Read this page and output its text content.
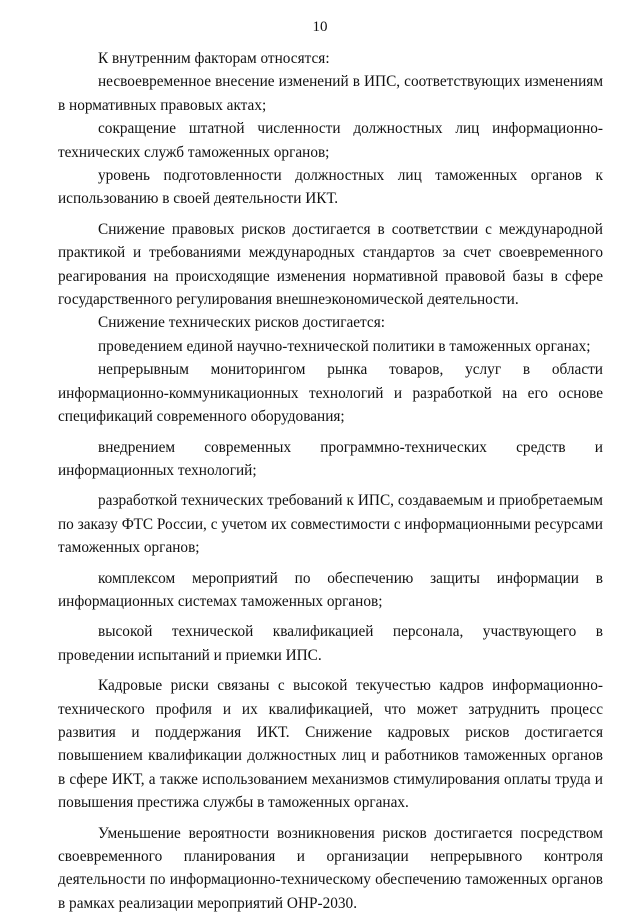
10

К внутренним факторам относятся:

несвоевременное внесение изменений в ИПС, соответствующих изменениям в нормативных правовых актах;

сокращение штатной численности должностных лиц информационно-технических служб таможенных органов;

уровень подготовленности должностных лиц таможенных органов к использованию в своей деятельности ИКТ.

Снижение правовых рисков достигается в соответствии с международной практикой и требованиями международных стандартов за счет своевременного реагирования на происходящие изменения нормативной правовой базы в сфере государственного регулирования внешнеэкономической деятельности.

Снижение технических рисков достигается:

проведением единой научно-технической политики в таможенных органах;

непрерывным мониторингом рынка товаров, услуг в области информационно-коммуникационных технологий и разработкой на его основе спецификаций современного оборудования;

внедрением современных программно-технических средств и информационных технологий;

разработкой технических требований к ИПС, создаваемым и приобретаемым по заказу ФТС России, с учетом их совместимости с информационными ресурсами таможенных органов;

комплексом мероприятий по обеспечению защиты информации в информационных системах таможенных органов;

высокой технической квалификацией персонала, участвующего в проведении испытаний и приемки ИПС.

Кадровые риски связаны с высокой текучестью кадров информационно-технического профиля и их квалификацией, что может затруднить процесс развития и поддержания ИКТ. Снижение кадровых рисков достигается повышением квалификации должностных лиц и работников таможенных органов в сфере ИКТ, а также использованием механизмов стимулирования оплаты труда и повышения престижа службы в таможенных органах.

Уменьшение вероятности возникновения рисков достигается посредством своевременного планирования и организации непрерывного контроля деятельности по информационно-техническому обеспечению таможенных органов в рамках реализации мероприятий ОНР-2030.
